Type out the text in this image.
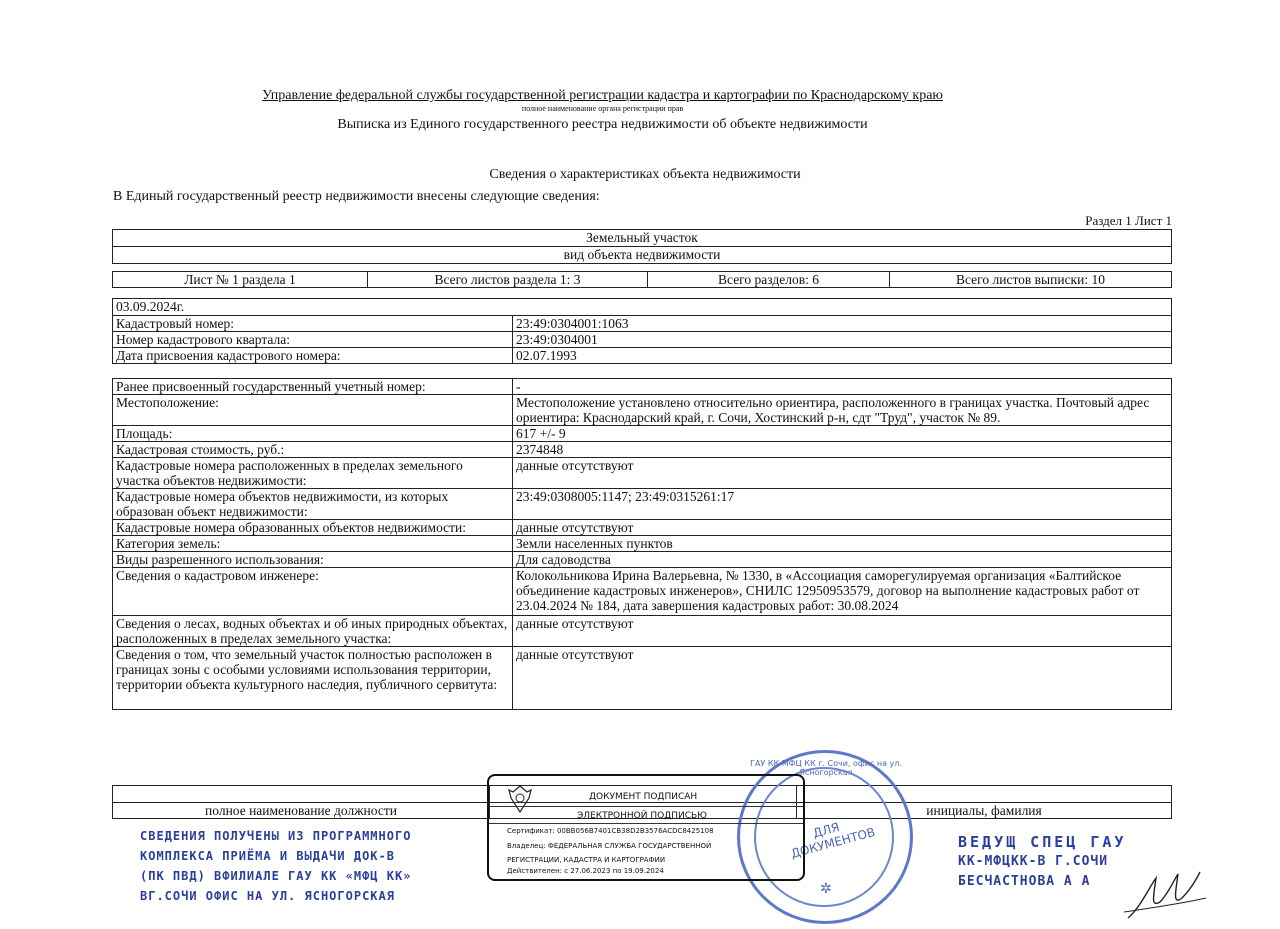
Управление федеральной службы государственной регистрации кадастра и картографии по Краснодарскому краю
полное наименование органа регистрации прав
Выписка из Единого государственного реестра недвижимости об объекте недвижимости
Сведения о характеристиках объекта недвижимости
В Единый государственный реестр недвижимости внесены следующие сведения:
Раздел 1 Лист 1
Земельный участок
вид объекта недвижимости
Лист № 1 раздела 1	Всего листов раздела 1: 3	Всего разделов: 6	Всего листов выписки: 10
03.09.2024г.	
Кадастровый номер:	23:49:0304001:1063
Номер кадастрового квартала:	23:49:0304001
Дата присвоения кадастрового номера:	02.07.1993
Ранее присвоенный государственный учетный номер:	-
Местоположение:	Местоположение установлено относительно ориентира, расположенного в границах участка. Почтовый адрес ориентира: Краснодарский край, г. Сочи, Хостинский р-н, сдт "Труд", участок № 89.
Площадь:	617 +/- 9
Кадастровая стоимость, руб.:	2374848
Кадастровые номера расположенных в пределах земельного участка объектов недвижимости:	данные отсутствуют
Кадастровые номера объектов недвижимости, из которых образован объект недвижимости:	23:49:0308005:1147; 23:49:0315261:17
Кадастровые номера образованных объектов недвижимости:	данные отсутствуют
Категория земель:	Земли населенных пунктов
Виды разрешенного использования:	Для садоводства
Сведения о кадастровом инженере:	Колокольникова Ирина Валерьевна, № 1330, в «Ассоциация саморегулируемая организация «Балтийское объединение кадастровых инженеров», СНИЛС 12950953579, договор на выполнение кадастровых работ от 23.04.2024 № 184, дата завершения кадастровых работ: 30.08.2024
Сведения о лесах, водных объектах и об иных природных объектах, расположенных в пределах земельного участка:	данные отсутствуют
Сведения о том, что земельный участок полностью расположен в границах зоны с особыми условиями использования территории, территории объекта культурного наследия, публичного сервитута:	данные отсутствуют

полное наименование должности		инициалы, фамилия
ГАУ КК МФЦ КК г. Сочи, офис на ул. Ясногорская
ДЛЯ ДОКУМЕНТОВ
✲
ДОКУМЕНТ ПОДПИСАН
ЭЛЕКТРОННОЙ ПОДПИСЬЮ
Сертификат: 00BB056B7401CB38D2B3576ACDC8425108
Владелец: ФЕДЕРАЛЬНАЯ СЛУЖБА ГОСУДАРСТВЕННОЙ
РЕГИСТРАЦИИ, КАДАСТРА И КАРТОГРАФИИ
Действителен: с 27.06.2023 по 19.09.2024
СВЕДЕНИЯ ПОЛУЧЕНЫ ИЗ ПРОГРАММНОГО
КОМПЛЕКСА ПРИЁМА И ВЫДАЧИ ДОК-В
(ПК ПВД) ВФИЛИАЛЕ ГАУ КК «МФЦ КК»
ВГ.СОЧИ ОФИС НА УЛ. ЯСНОГОРСКАЯ
ВЕДУЩ СПЕЦ ГАУ
КК-МФЦКК-В Г.СОЧИ
БЕСЧАСТНОВА А А
